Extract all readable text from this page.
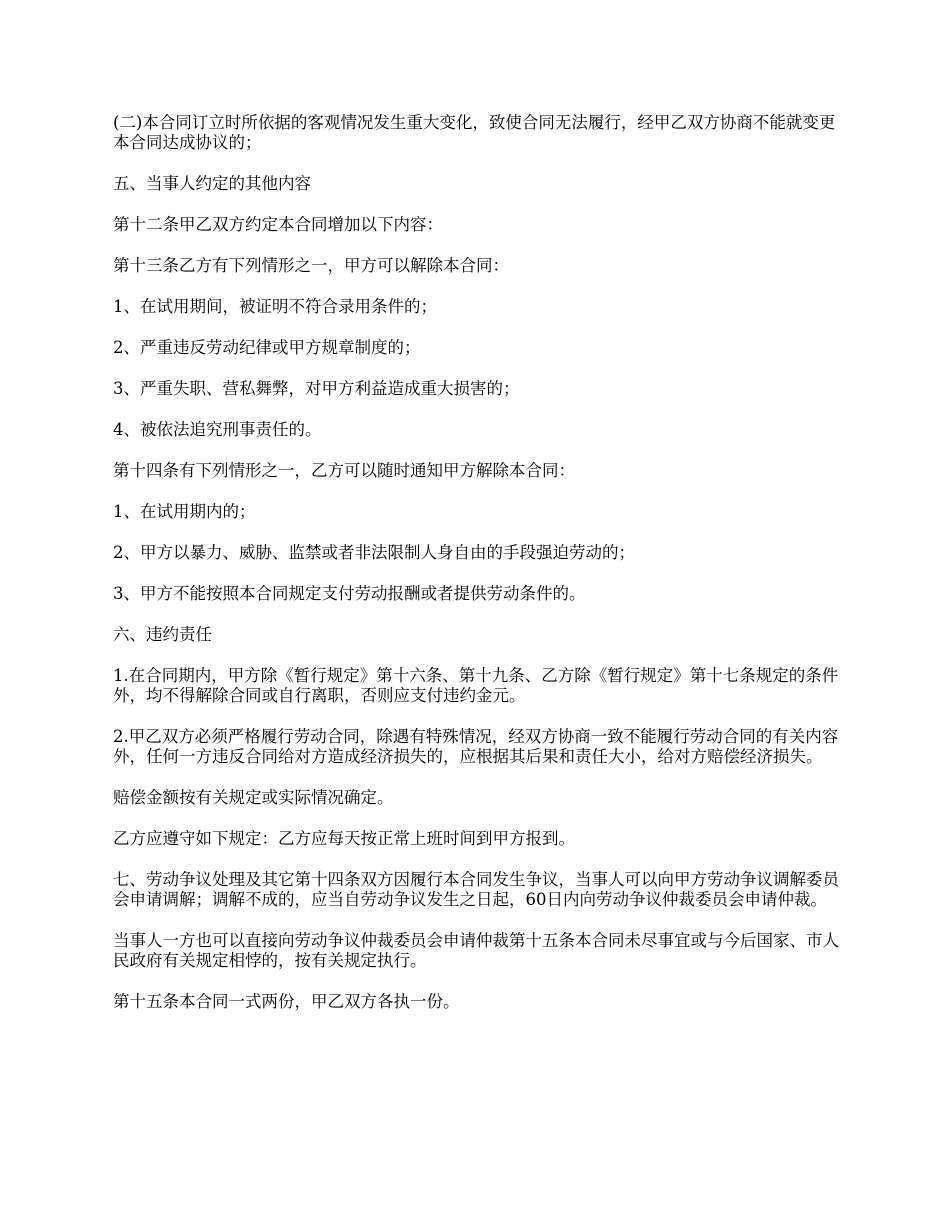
(二)本合同订立时所依据的客观情况发生重大变化，致使合同无法履行，经甲乙双方协商不能就变更本合同达成协议的；

五、当事人约定的其他内容

第十二条甲乙双方约定本合同增加以下内容：

第十三条乙方有下列情形之一，甲方可以解除本合同：

1、在试用期间，被证明不符合录用条件的；

2、严重违反劳动纪律或甲方规章制度的；

3、严重失职、营私舞弊，对甲方利益造成重大损害的；

4、被依法追究刑事责任的。

第十四条有下列情形之一，乙方可以随时通知甲方解除本合同：

1、在试用期内的；

2、甲方以暴力、威胁、监禁或者非法限制人身自由的手段强迫劳动的；

3、甲方不能按照本合同规定支付劳动报酬或者提供劳动条件的。

六、违约责任

1.在合同期内，甲方除《暂行规定》第十六条、第十九条、乙方除《暂行规定》第十七条规定的条件外，均不得解除合同或自行离职，否则应支付违约金元。

2.甲乙双方必须严格履行劳动合同，除遇有特殊情况，经双方协商一致不能履行劳动合同的有关内容外，任何一方违反合同给对方造成经济损失的，应根据其后果和责任大小，给对方赔偿经济损失。

赔偿金额按有关规定或实际情况确定。

乙方应遵守如下规定：乙方应每天按正常上班时间到甲方报到。

七、劳动争议处理及其它第十四条双方因履行本合同发生争议，当事人可以向甲方劳动争议调解委员会申请调解；调解不成的，应当自劳动争议发生之日起，60日内向劳动争议仲裁委员会申请仲裁。

当事人一方也可以直接向劳动争议仲裁委员会申请仲裁第十五条本合同未尽事宜或与今后国家、市人民政府有关规定相悖的，按有关规定执行。

第十五条本合同一式两份，甲乙双方各执一份。
